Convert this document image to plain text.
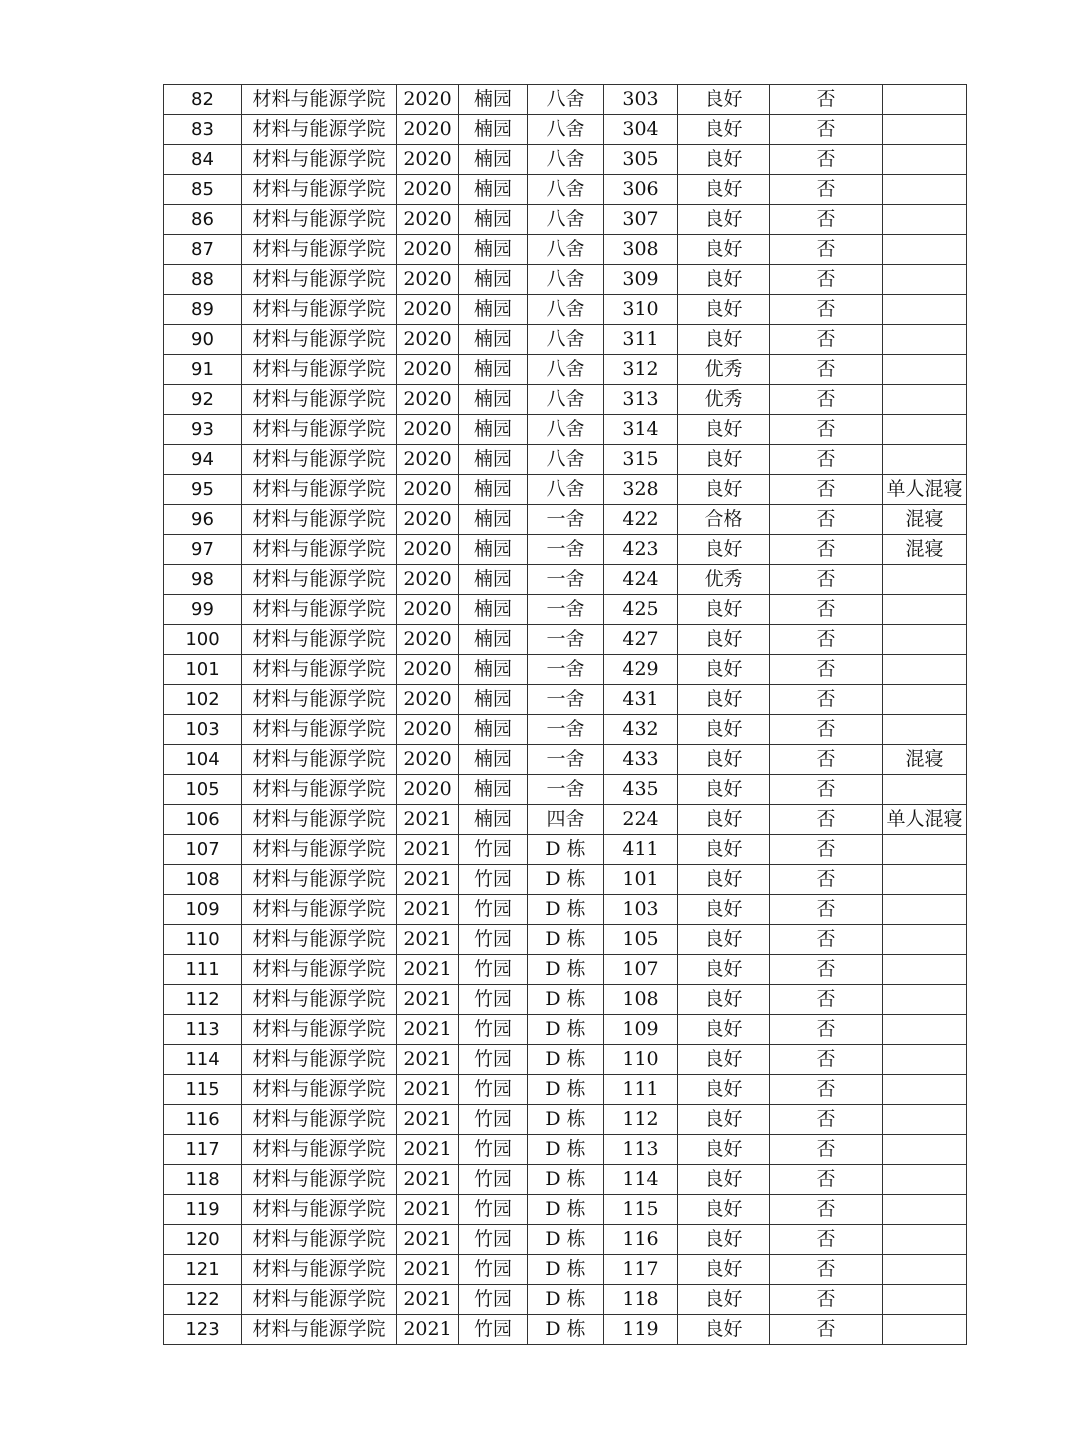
82	材料与能源学院	2020	楠园	八舍	303	良好	否	
83	材料与能源学院	2020	楠园	八舍	304	良好	否	
84	材料与能源学院	2020	楠园	八舍	305	良好	否	
85	材料与能源学院	2020	楠园	八舍	306	良好	否	
86	材料与能源学院	2020	楠园	八舍	307	良好	否	
87	材料与能源学院	2020	楠园	八舍	308	良好	否	
88	材料与能源学院	2020	楠园	八舍	309	良好	否	
89	材料与能源学院	2020	楠园	八舍	310	良好	否	
90	材料与能源学院	2020	楠园	八舍	311	良好	否	
91	材料与能源学院	2020	楠园	八舍	312	优秀	否	
92	材料与能源学院	2020	楠园	八舍	313	优秀	否	
93	材料与能源学院	2020	楠园	八舍	314	良好	否	
94	材料与能源学院	2020	楠园	八舍	315	良好	否	
95	材料与能源学院	2020	楠园	八舍	328	良好	否	单人混寝
96	材料与能源学院	2020	楠园	一舍	422	合格	否	混寝
97	材料与能源学院	2020	楠园	一舍	423	良好	否	混寝
98	材料与能源学院	2020	楠园	一舍	424	优秀	否	
99	材料与能源学院	2020	楠园	一舍	425	良好	否	
100	材料与能源学院	2020	楠园	一舍	427	良好	否	
101	材料与能源学院	2020	楠园	一舍	429	良好	否	
102	材料与能源学院	2020	楠园	一舍	431	良好	否	
103	材料与能源学院	2020	楠园	一舍	432	良好	否	
104	材料与能源学院	2020	楠园	一舍	433	良好	否	混寝
105	材料与能源学院	2020	楠园	一舍	435	良好	否	
106	材料与能源学院	2021	楠园	四舍	224	良好	否	单人混寝
107	材料与能源学院	2021	竹园	D 栋	411	良好	否	
108	材料与能源学院	2021	竹园	D 栋	101	良好	否	
109	材料与能源学院	2021	竹园	D 栋	103	良好	否	
110	材料与能源学院	2021	竹园	D 栋	105	良好	否	
111	材料与能源学院	2021	竹园	D 栋	107	良好	否	
112	材料与能源学院	2021	竹园	D 栋	108	良好	否	
113	材料与能源学院	2021	竹园	D 栋	109	良好	否	
114	材料与能源学院	2021	竹园	D 栋	110	良好	否	
115	材料与能源学院	2021	竹园	D 栋	111	良好	否	
116	材料与能源学院	2021	竹园	D 栋	112	良好	否	
117	材料与能源学院	2021	竹园	D 栋	113	良好	否	
118	材料与能源学院	2021	竹园	D 栋	114	良好	否	
119	材料与能源学院	2021	竹园	D 栋	115	良好	否	
120	材料与能源学院	2021	竹园	D 栋	116	良好	否	
121	材料与能源学院	2021	竹园	D 栋	117	良好	否	
122	材料与能源学院	2021	竹园	D 栋	118	良好	否	
123	材料与能源学院	2021	竹园	D 栋	119	良好	否	
